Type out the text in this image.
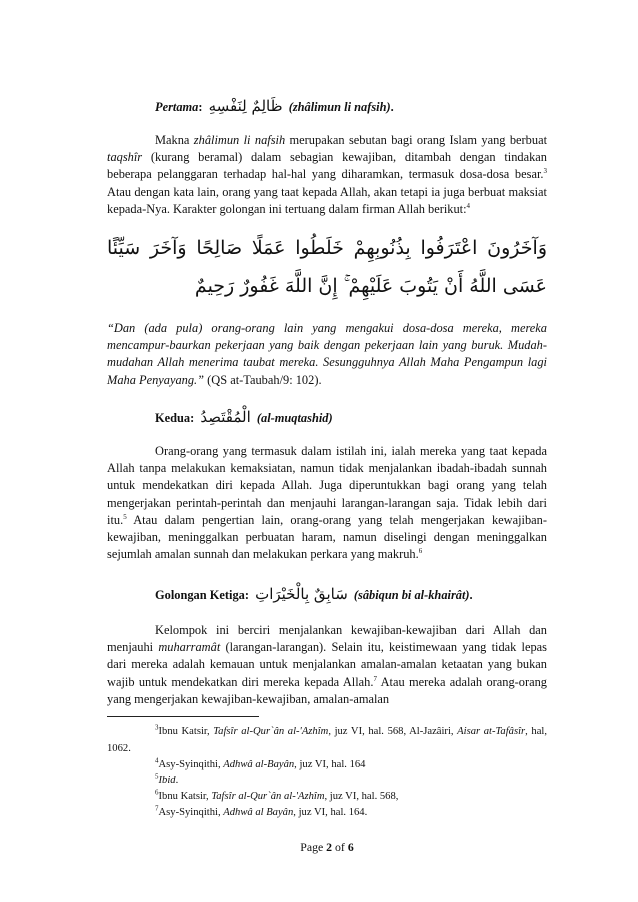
Pertama: ظَالِمٌ لِنَفْسِهِ (zhâlimun li nafsih).
Makna zhâlimun li nafsih merupakan sebutan bagi orang Islam yang berbuat taqshîr (kurang beramal) dalam sebagian kewajiban, ditambah dengan tindakan beberapa pelanggaran terhadap hal-hal yang diharamkan, termasuk dosa-dosa besar.$^3$ Atau dengan kata lain, orang yang taat kepada Allah, akan tetapi ia juga berbuat maksiat kepada-Nya. Karakter golongan ini tertuang dalam firman Allah berikut:$^4$
وَآخَرُونَ اعْتَرَفُوا بِذُنُوبِهِمْ خَلَطُوا عَمَلًا صَالِحًا وَآخَرَ سَيِّئًا عَسَى اللَّهُ أَنْ يَتُوبَ عَلَيْهِمْ ۚ إِنَّ اللَّهَ غَفُورٌ رَحِيمٌ
“Dan (ada pula) orang-orang lain yang mengakui dosa-dosa mereka, mereka mencampur-baurkan pekerjaan yang baik dengan pekerjaan lain yang buruk. Mudah-mudahan Allah menerima taubat mereka. Sesungguhnya Allah Maha Pengampun lagi Maha Penyayang.” (QS at-Taubah/9: 102).
Kedua: الْمُقْتَصِدُ (al-muqtashid)
Orang-orang yang termasuk dalam istilah ini, ialah mereka yang taat kepada Allah tanpa melakukan kemaksiatan, namun tidak menjalankan ibadah-ibadah sunnah untuk mendekatkan diri kepada Allah. Juga diperuntukkan bagi orang yang telah mengerjakan perintah-perintah dan menjauhi larangan-larangan saja. Tidak lebih dari itu.$^5$ Atau dalam pengertian lain, orang-orang yang telah mengerjakan kewajiban-kewajiban, meninggalkan perbuatan haram, namun diselingi dengan meninggalkan sejumlah amalan sunnah dan melakukan perkara yang makruh.$^6$
Golongan Ketiga: سَابِقٌ بِالْخَيْرَاتِ (sâbiqun bi al-khairât).
Kelompok ini berciri menjalankan kewajiban-kewajiban dari Allah dan menjauhi muharramât (larangan-larangan). Selain itu, keistimewaan yang tidak lepas dari mereka adalah kemauan untuk menjalankan amalan-amalan ketaatan yang bukan wajib untuk mendekatkan diri mereka kepada Allah.$^7$ Atau mereka adalah orang-orang yang mengerjakan kewajiban-kewajiban, amalan-amalan
$^3$Ibnu Katsir, Tafsîr al-Qur`ân al-'Azhîm, juz VI, hal. 568, Al-Jazâiri, Aisar at-Tafâsîr, hal, 1062.
$^4$Asy-Syinqithi, Adhwâ al-Bayân, juz VI, hal. 164
$^5$Ibid.
$^6$Ibnu Katsir, Tafsîr al-Qur`ân al-'Azhîm, juz VI, hal. 568,
$^7$Asy-Syinqithi, Adhwâ al Bayân, juz VI, hal. 164.
Page 2 of 6
